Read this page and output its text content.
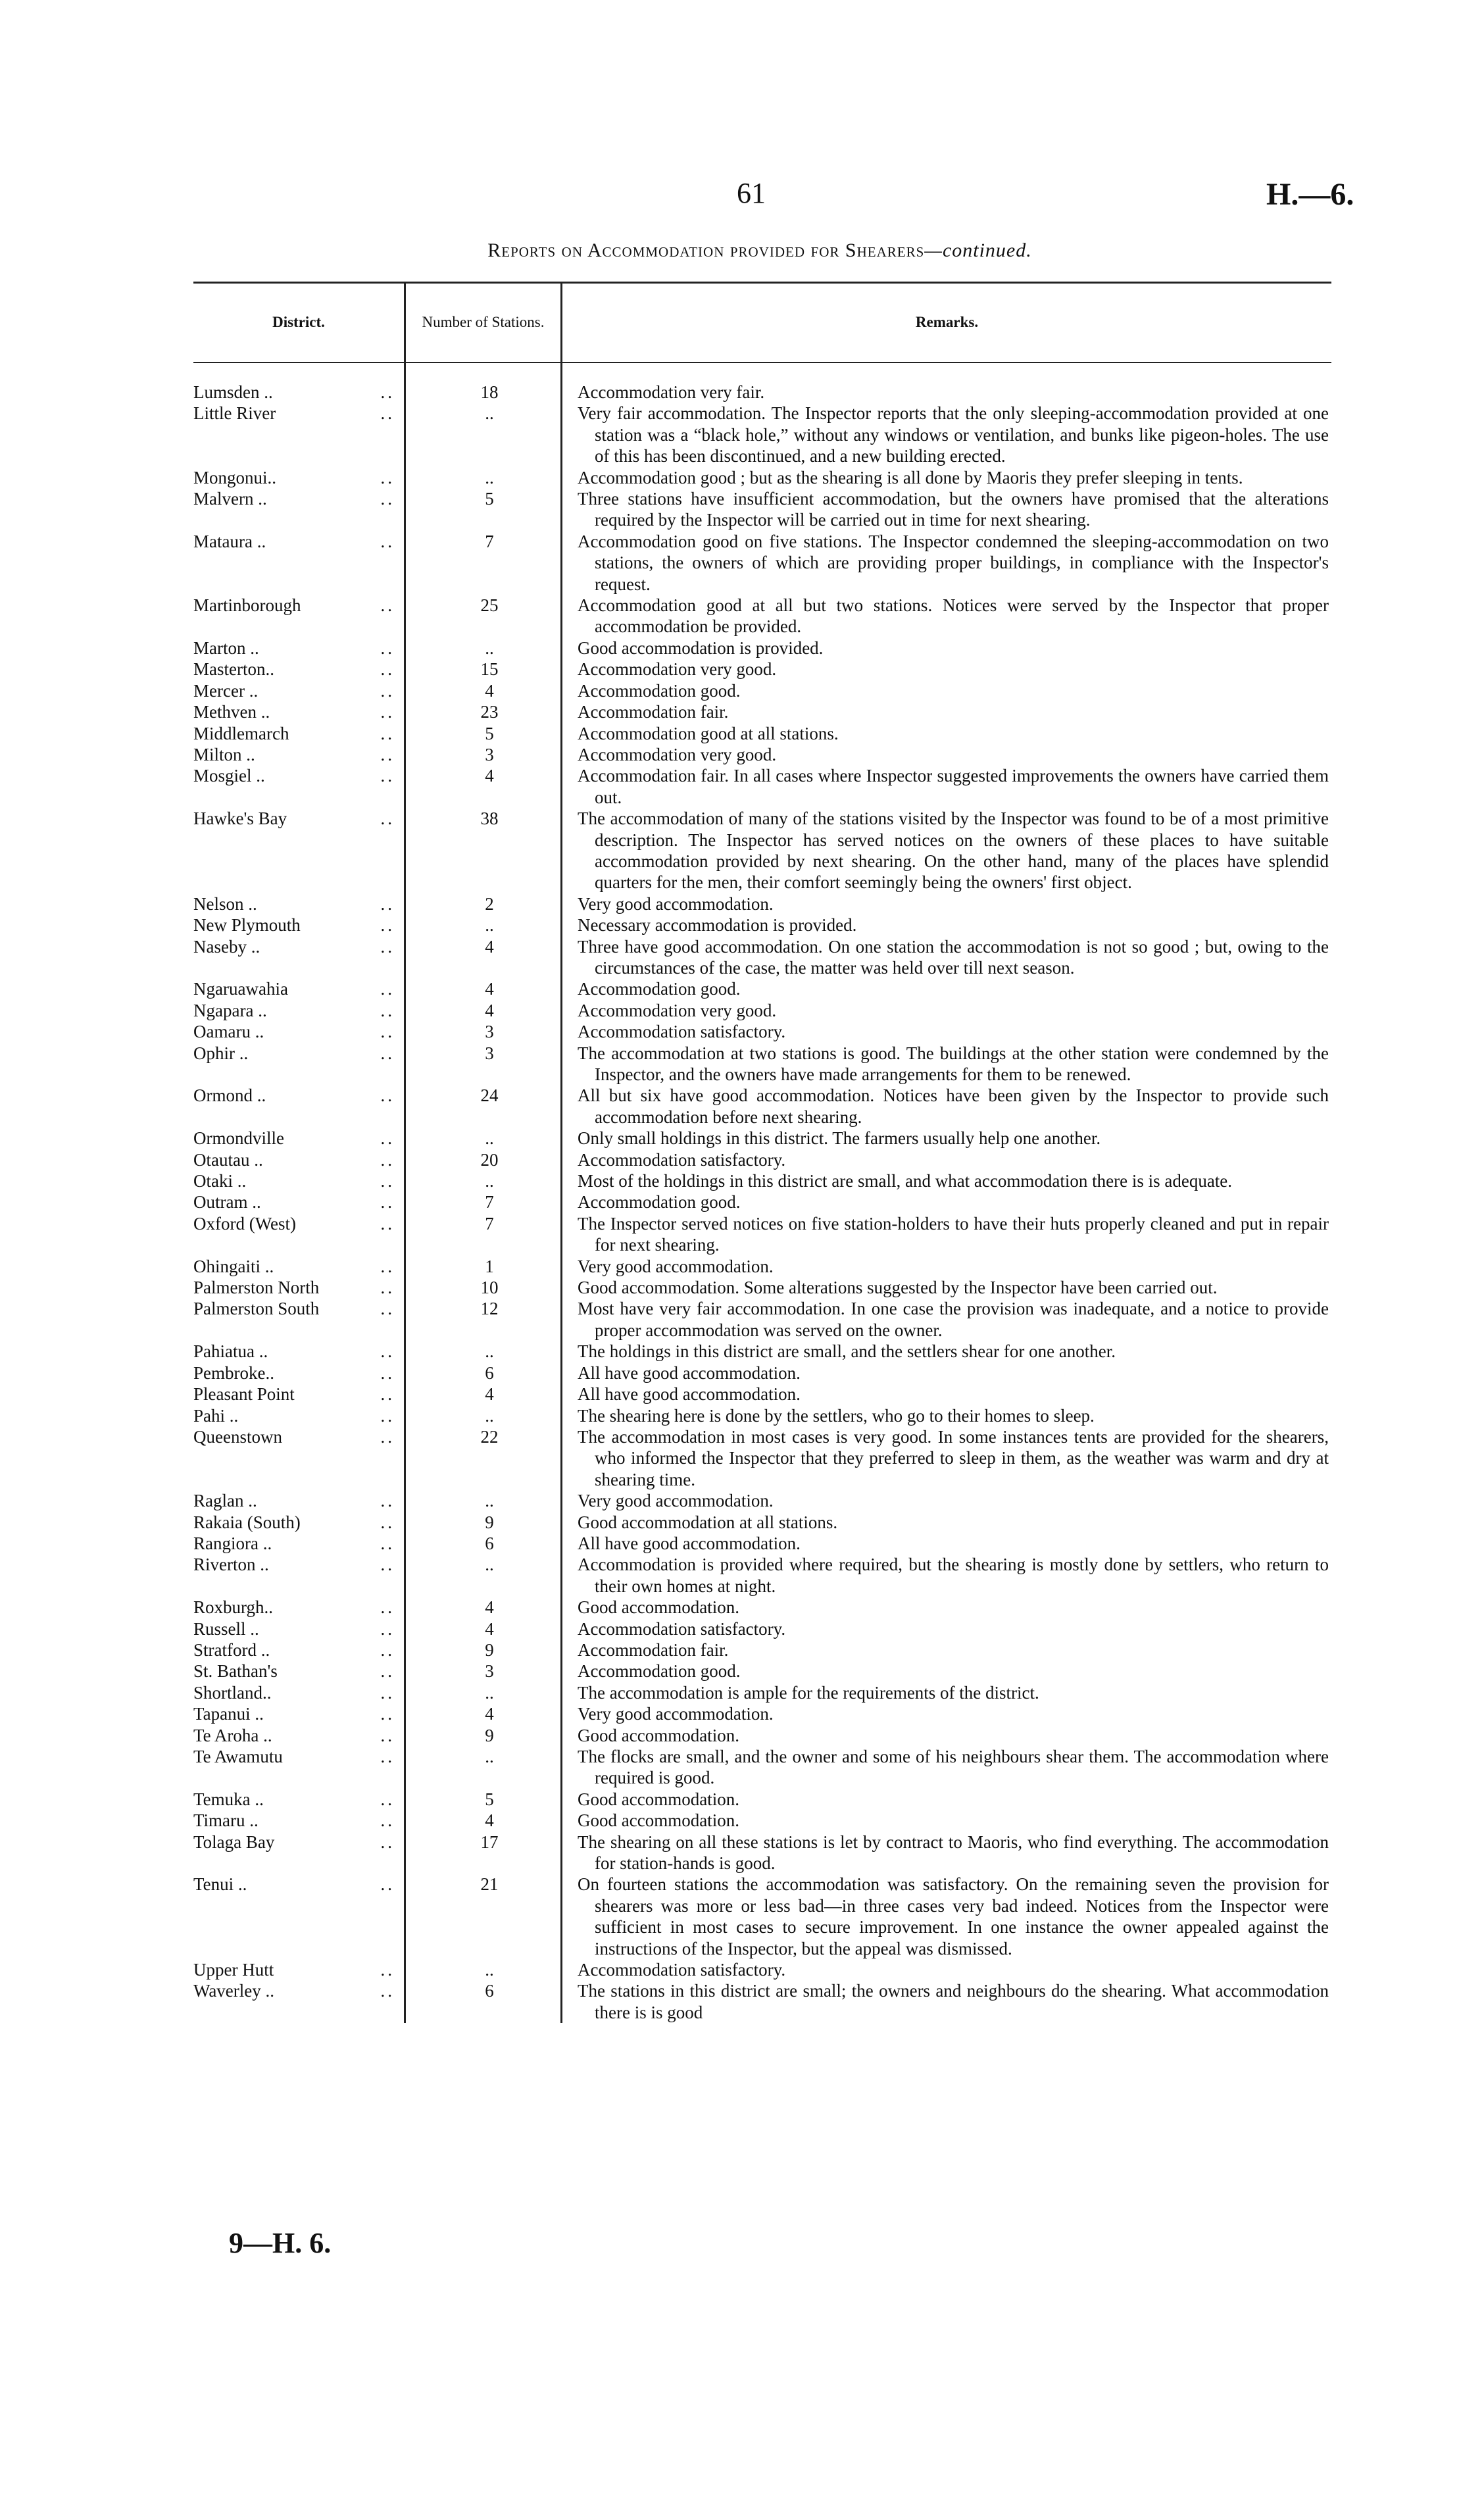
61	H.—6.
Reports on Accommodation provided for Shearers—continued.
District.	Number of Stations.	Remarks.
Lumsden ..	..	18	Accommodation very fair.
Little River	..	..	Very fair accommodation. The Inspector reports that the only sleeping-accommodation provided at one station was a “black hole,” without any windows or ventilation, and bunks like pigeon-holes. The use of this has been discontinued, and a new building erected.
Mongonui..	..	..	Accommodation good ; but as the shearing is all done by Maoris they prefer sleeping in tents.
Malvern ..	..	5	Three stations have insufficient accommodation, but the owners have promised that the alterations required by the Inspector will be carried out in time for next shearing.
Mataura ..	..	7	Accommodation good on five stations. The Inspector condemned the sleeping-accommodation on two stations, the owners of which are providing proper buildings, in compliance with the Inspector's request.
Martinborough	..	25	Accommodation good at all but two stations. Notices were served by the Inspector that proper accommodation be provided.
Marton ..	..	..	Good accommodation is provided.
Masterton..	..	15	Accommodation very good.
Mercer ..	..	4	Accommodation good.
Methven ..	..	23	Accommodation fair.
Middlemarch	..	5	Accommodation good at all stations.
Milton ..	..	3	Accommodation very good.
Mosgiel ..	..	4	Accommodation fair. In all cases where Inspector suggested improvements the owners have carried them out.
Hawke's Bay	..	38	The accommodation of many of the stations visited by the Inspector was found to be of a most primitive description. The Inspector has served notices on the owners of these places to have suitable accommodation provided by next shearing. On the other hand, many of the places have splendid quarters for the men, their comfort seemingly being the owners' first object.
Nelson ..	..	2	Very good accommodation.
New Plymouth	..	..	Necessary accommodation is provided.
Naseby ..	..	4	Three have good accommodation. On one station the accommodation is not so good ; but, owing to the circumstances of the case, the matter was held over till next season.
Ngaruawahia	..	4	Accommodation good.
Ngapara ..	..	4	Accommodation very good.
Oamaru ..	..	3	Accommodation satisfactory.
Ophir ..	..	3	The accommodation at two stations is good. The buildings at the other station were condemned by the Inspector, and the owners have made arrangements for them to be renewed.
Ormond ..	..	24	All but six have good accommodation. Notices have been given by the Inspector to provide such accommodation before next shearing.
Ormondville	..	..	Only small holdings in this district. The farmers usually help one another.
Otautau ..	..	20	Accommodation satisfactory.
Otaki ..	..	..	Most of the holdings in this district are small, and what accommodation there is is adequate.
Outram ..	..	7	Accommodation good.
Oxford (West)	..	7	The Inspector served notices on five station-holders to have their huts properly cleaned and put in repair for next shearing.
Ohingaiti ..	..	1	Very good accommodation.
Palmerston North	..	10	Good accommodation. Some alterations suggested by the Inspector have been carried out.
Palmerston South	..	12	Most have very fair accommodation. In one case the provision was inadequate, and a notice to provide proper accommodation was served on the owner.
Pahiatua ..	..	..	The holdings in this district are small, and the settlers shear for one another.
Pembroke..	..	6	All have good accommodation.
Pleasant Point	..	4	All have good accommodation.
Pahi ..	..	..	The shearing here is done by the settlers, who go to their homes to sleep.
Queenstown	..	22	The accommodation in most cases is very good. In some instances tents are provided for the shearers, who informed the Inspector that they preferred to sleep in them, as the weather was warm and dry at shearing time.
Raglan ..	..	..	Very good accommodation.
Rakaia (South)	..	9	Good accommodation at all stations.
Rangiora ..	..	6	All have good accommodation.
Riverton ..	..	..	Accommodation is provided where required, but the shearing is mostly done by settlers, who return to their own homes at night.
Roxburgh..	..	4	Good accommodation.
Russell ..	..	4	Accommodation satisfactory.
Stratford ..	..	9	Accommodation fair.
St. Bathan's	..	3	Accommodation good.
Shortland..	..	..	The accommodation is ample for the requirements of the district.
Tapanui ..	..	4	Very good accommodation.
Te Aroha ..	..	9	Good accommodation.
Te Awamutu	..	..	The flocks are small, and the owner and some of his neighbours shear them. The accommodation where required is good.
Temuka ..	..	5	Good accommodation.
Timaru ..	..	4	Good accommodation.
Tolaga Bay	..	17	The shearing on all these stations is let by contract to Maoris, who find everything. The accommodation for station-hands is good.
Tenui ..	..	21	On fourteen stations the accommodation was satisfactory. On the remaining seven the provision for shearers was more or less bad—in three cases very bad indeed. Notices from the Inspector were sufficient in most cases to secure improvement. In one instance the owner appealed against the instructions of the Inspector, but the appeal was dismissed.
Upper Hutt	..	..	Accommodation satisfactory.
Waverley ..	..	6	The stations in this district are small; the owners and neighbours do the shearing. What accommodation there is is good
9—H. 6.
